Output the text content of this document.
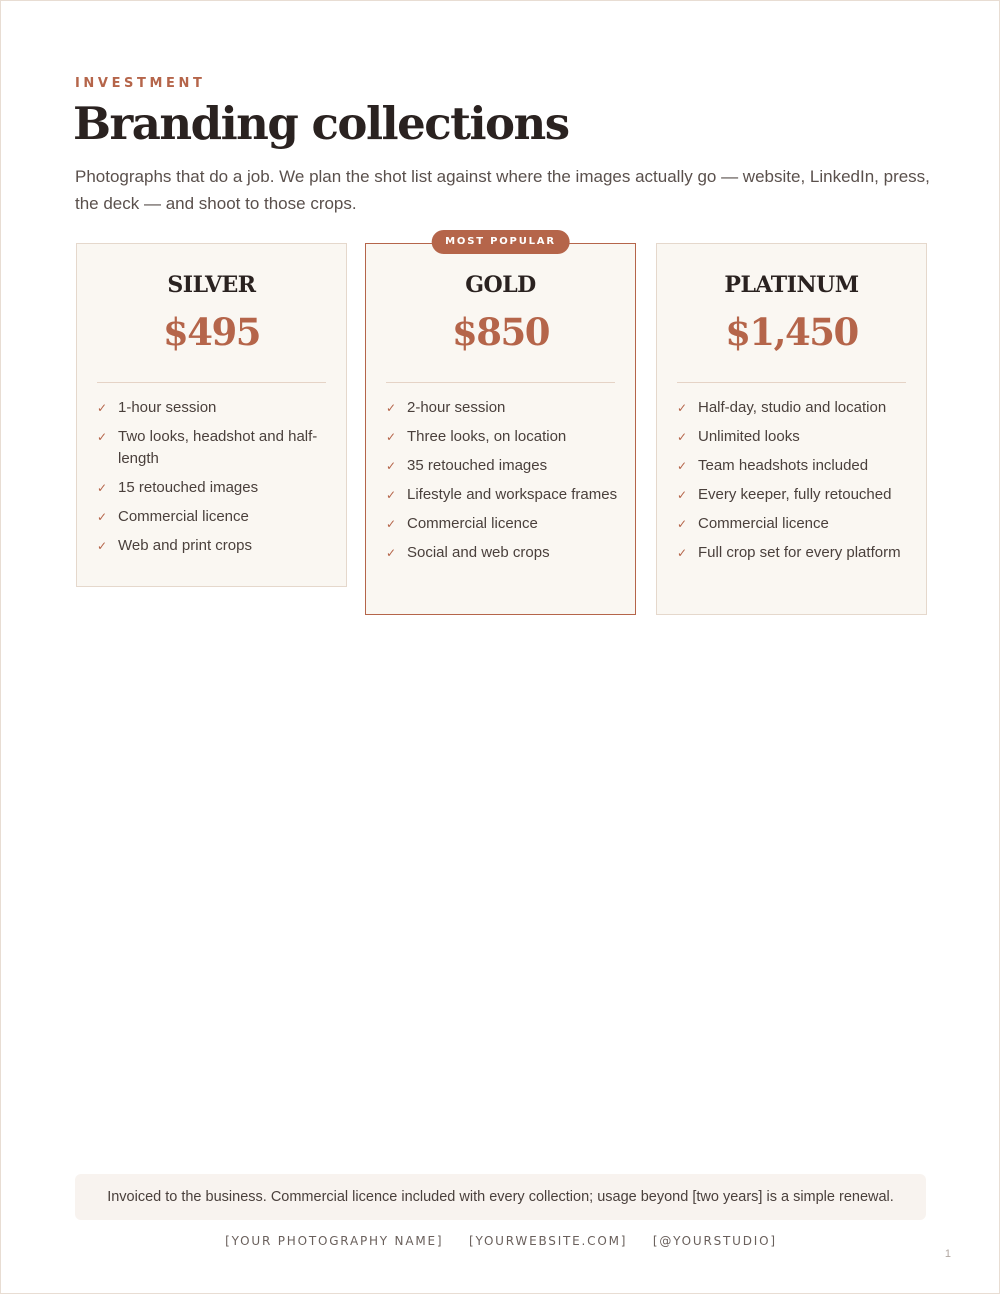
INVESTMENT
Branding collections

Photographs that do a job. We plan the shot list against where the images actually go — website, LinkedIn, press, the deck — and shoot to those crops.

SILVER
$495
✓ 1-hour session
✓ Two looks, headshot and half-length
✓ 15 retouched images
✓ Commercial licence
✓ Web and print crops
MOST POPULAR
GOLD
$850
✓ 2-hour session
✓ Three looks, on location
✓ 35 retouched images
✓ Lifestyle and workspace frames
✓ Commercial licence
✓ Social and web crops
PLATINUM
$1,450
✓ Half-day, studio and location
✓ Unlimited looks
✓ Team headshots included
✓ Every keeper, fully retouched
✓ Commercial licence
✓ Full crop set for every platform
Invoiced to the business. Commercial licence included with every collection; usage beyond [two years] is a simple renewal.
[YOUR PHOTOGRAPHY NAME] [YOURWEBSITE.COM] [@YOURSTUDIO]
1
